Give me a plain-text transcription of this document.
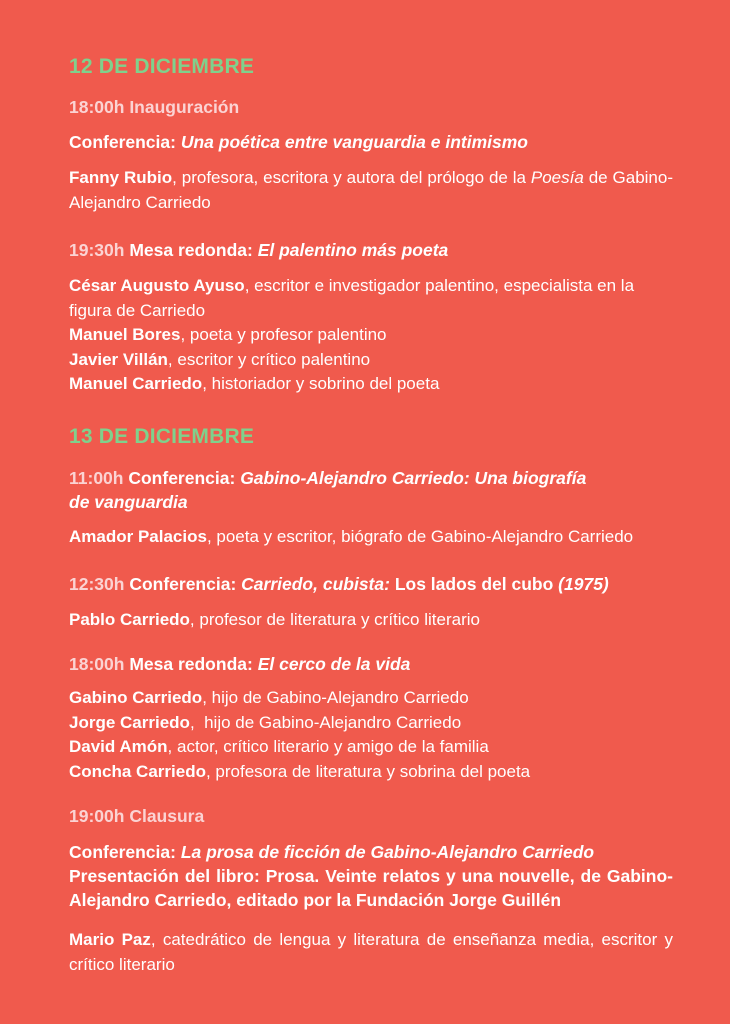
12 DE DICIEMBRE
18:00h Inauguración
Conferencia: Una poética entre vanguardia e intimismo
Fanny Rubio, profesora, escritora y autora del prólogo de la Poesía de Gabino-Alejandro Carriedo
19:30h Mesa redonda: El palentino más poeta
César Augusto Ayuso, escritor e investigador palentino, especialista en la figura de Carriedo
Manuel Bores, poeta y profesor palentino
Javier Villán, escritor y crítico palentino
Manuel Carriedo, historiador y sobrino del poeta
13 DE DICIEMBRE
11:00h Conferencia: Gabino-Alejandro Carriedo: Una biografía
de vanguardia
Amador Palacios, poeta y escritor, biógrafo de Gabino-Alejandro Carriedo
12:30h Conferencia: Carriedo, cubista: Los lados del cubo (1975)
Pablo Carriedo, profesor de literatura y crítico literario
18:00h Mesa redonda: El cerco de la vida
Gabino Carriedo, hijo de Gabino-Alejandro Carriedo
Jorge Carriedo,  hijo de Gabino-Alejandro Carriedo
David Amón, actor, crítico literario y amigo de la familia
Concha Carriedo, profesora de literatura y sobrina del poeta
19:00h Clausura
Conferencia: La prosa de ficción de Gabino-Alejandro Carriedo
Presentación del libro: Prosa. Veinte relatos y una nouvelle, de Gabino-Alejandro Carriedo, editado por la Fundación Jorge Guillén
Mario Paz, catedrático de lengua y literatura de enseñanza media, escritor y crítico literario
